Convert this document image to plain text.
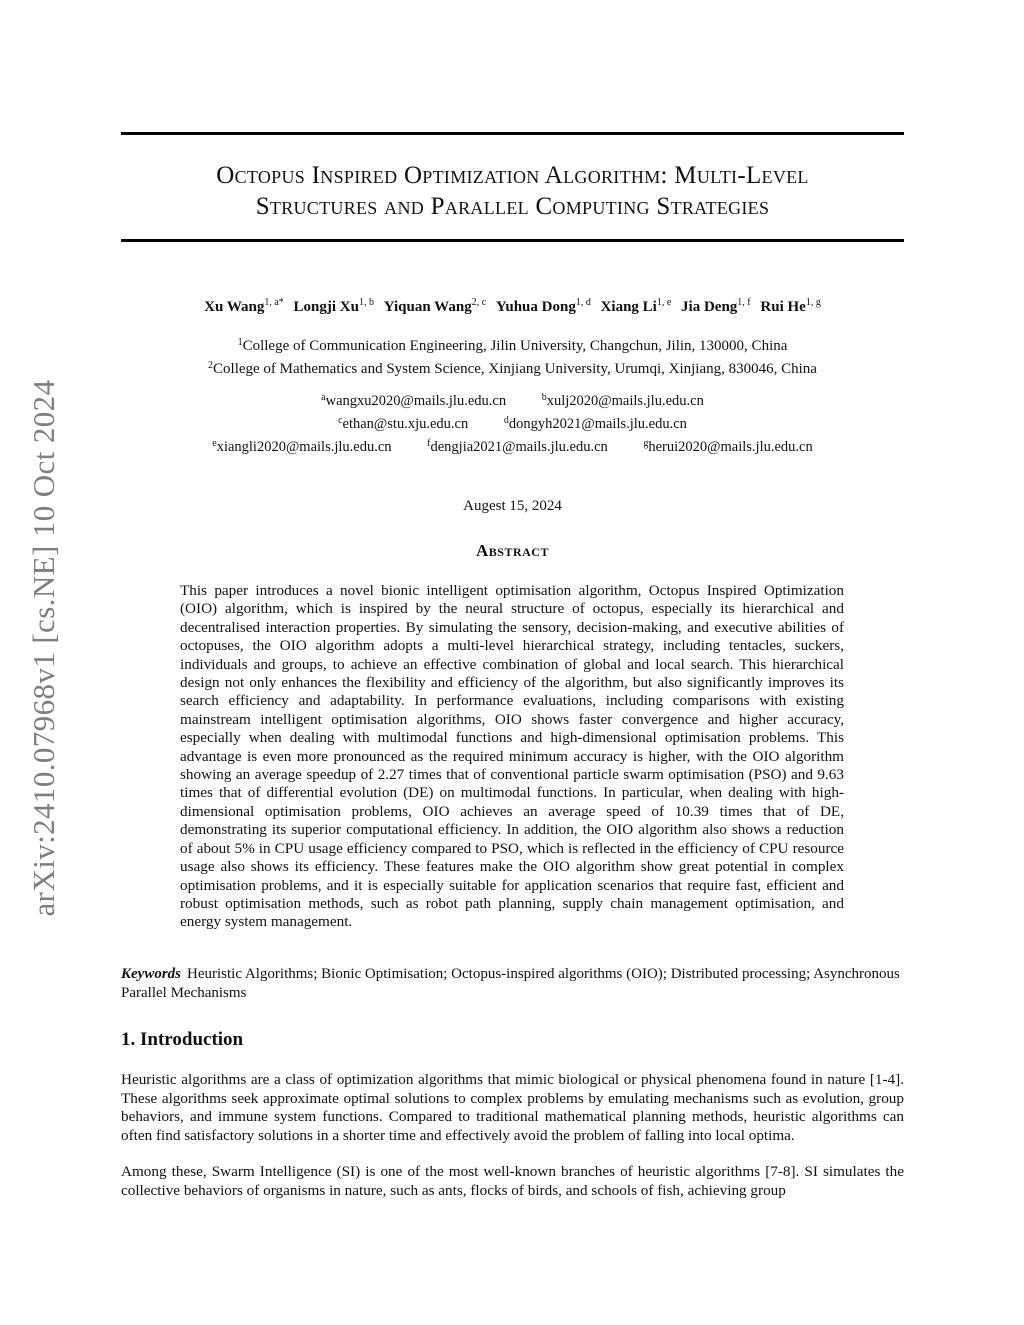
arXiv:2410.07968v1 [cs.NE] 10 Oct 2024
Octopus Inspired Optimization Algorithm: Multi-Level
Structures and Parallel Computing Strategies
Xu Wang$^{1, a*}$ Longji Xu$^{1, b}$ Yiquan Wang$^{2, c}$ Yuhua Dong$^{1, d}$ Xiang Li$^{1, e}$ Jia Deng$^{1, f}$ Rui He$^{1, g}$
$^1$College of Communication Engineering, Jilin University, Changchun, Jilin, 130000, China
$^2$College of Mathematics and System Science, Xinjiang University, Urumqi, Xinjiang, 830046, China
$^a$wangxu2020@mails.jlu.edu.cn	$^b$xulj2020@mails.jlu.edu.cn
$^c$ethan@stu.xju.edu.cn	$^d$dongyh2021@mails.jlu.edu.cn
$^e$xiangli2020@mails.jlu.edu.cn	$^f$dengjia2021@mails.jlu.edu.cn	$^g$herui2020@mails.jlu.edu.cn
Augest 15, 2024
Abstract
This paper introduces a novel bionic intelligent optimisation algorithm, Octopus Inspired Optimization (OIO) algorithm, which is inspired by the neural structure of octopus, especially its hierarchical and decentralised interaction properties. By simulating the sensory, decision-making, and executive abilities of octopuses, the OIO algorithm adopts a multi-level hierarchical strategy, including tentacles, suckers, individuals and groups, to achieve an effective combination of global and local search. This hierarchical design not only enhances the flexibility and efficiency of the algorithm, but also significantly improves its search efficiency and adaptability. In performance evaluations, including comparisons with existing mainstream intelligent optimisation algorithms, OIO shows faster convergence and higher accuracy, especially when dealing with multimodal functions and high-dimensional optimisation problems. This advantage is even more pronounced as the required minimum accuracy is higher, with the OIO algorithm showing an average speedup of 2.27 times that of conventional particle swarm optimisation (PSO) and 9.63 times that of differential evolution (DE) on multimodal functions. In particular, when dealing with high-dimensional optimisation problems, OIO achieves an average speed of 10.39 times that of DE, demonstrating its superior computational efficiency. In addition, the OIO algorithm also shows a reduction of about 5% in CPU usage efficiency compared to PSO, which is reflected in the efficiency of CPU resource usage also shows its efficiency. These features make the OIO algorithm show great potential in complex optimisation problems, and it is especially suitable for application scenarios that require fast, efficient and robust optimisation methods, such as robot path planning, supply chain management optimisation, and energy system management.
Keywords Heuristic Algorithms; Bionic Optimisation; Octopus-inspired algorithms (OIO); Distributed processing; Asynchronous Parallel Mechanisms
1. Introduction
Heuristic algorithms are a class of optimization algorithms that mimic biological or physical phenomena found in nature [1-4]. These algorithms seek approximate optimal solutions to complex problems by emulating mechanisms such as evolution, group behaviors, and immune system functions. Compared to traditional mathematical planning methods, heuristic algorithms can often find satisfactory solutions in a shorter time and effectively avoid the problem of falling into local optima.
Among these, Swarm Intelligence (SI) is one of the most well-known branches of heuristic algorithms [7-8]. SI simulates the collective behaviors of organisms in nature, such as ants, flocks of birds, and schools of fish, achieving group
